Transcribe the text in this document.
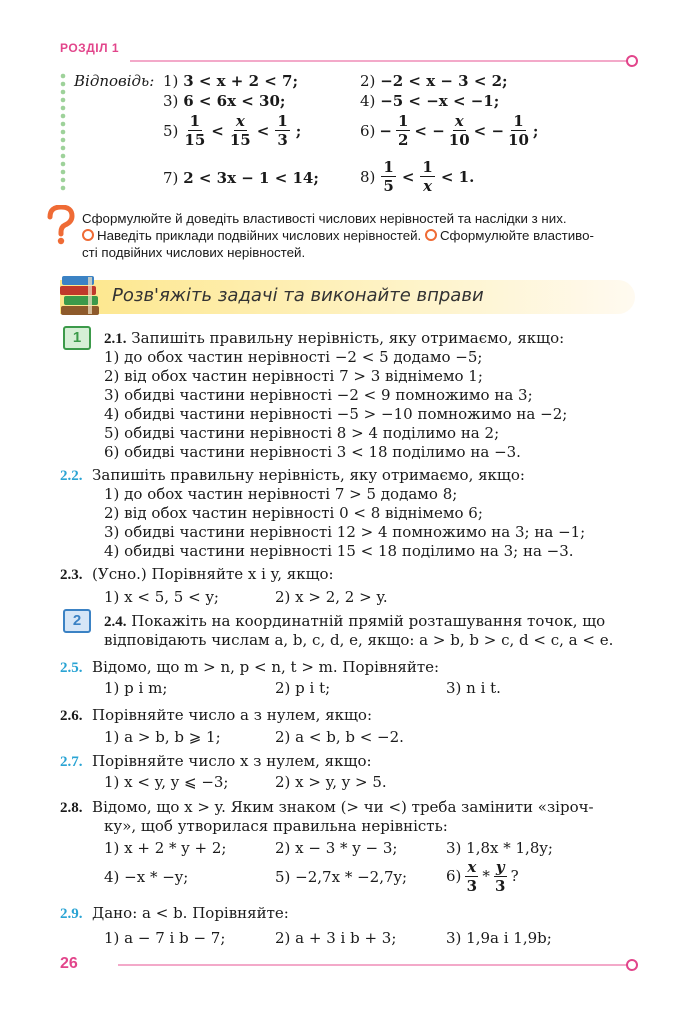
РОЗДІЛ 1
Відповідь: 1) 3 < x + 2 < 7;	2) −2 < x − 3 < 2;
3) 6 < 6x < 30;	4) −5 < −x < −1;
$5) \frac{1}{15} < \frac{x}{15} < \frac{1}{3}$ ;	$6) - \frac{1}{2}$ < − $\frac{x}{10}$ < − $\frac{1}{10}$ ;
7) 2 < 3x − 1 < 14;	$8) \frac{1}{5} < \frac{1}{x} < 1$.
Сформулюйте й доведіть властивості числових нерівностей та наслідки з них.
Наведіть приклади подвійних числових нерівностей. Сформулюйте властиво-
сті подвійних числових нерівностей.
Розв'яжіть задачі та виконайте вправи
1	2.1. Запишіть правильну нерівність, яку отримаємо, якщо:
1) до обох частин нерівності −2 < 5 додамо −5;
2) від обох частин нерівності 7 > 3 віднімемо 1;
3) обидві частини нерівності −2 < 9 помножимо на 3;
4) обидві частини нерівності −5 > −10 помножимо на −2;
5) обидві частини нерівності 8 > 4 поділимо на 2;
6) обидві частини нерівності 3 < 18 поділимо на −3.
2.2. Запишіть правильну нерівність, яку отримаємо, якщо:
1) до обох частин нерівності 7 > 5 додамо 8;
2) від обох частин нерівності 0 < 8 віднімемо 6;
3) обидві частини нерівності 12 > 4 помножимо на 3; на −1;
4) обидві частини нерівності 15 < 18 поділимо на 3; на −3.
2.3. (Усно.) Порівняйте x і y, якщо:
1) x < 5, 5 < y;	2) x > 2, 2 > y.
2	2.4. Покажіть на координатній прямій розташування точок, що
відповідають числам a, b, c, d, e, якщо: a > b, b > c, d < c, a < e.
2.5. Відомо, що m > n, p < n, t > m. Порівняйте:
1) p і m;	2) p і t;	3) n і t.
2.6. Порівняйте число a з нулем, якщо:
1) a > b, b ⩾ 1;	2) a < b, b < −2.
2.7. Порівняйте число x з нулем, якщо:
1) x < y, y ⩽ −3;	2) x > y, y > 5.
2.8. Відомо, що x > y. Яким знаком (> чи <) треба замінити «зіроч-
ку», щоб утворилася правильна нерівність:
1) x + 2 * y + 2;	2) x − 3 * y − 3;	3) 1,8x * 1,8y;
4) −x * −y;	5) −2,7x * −2,7y;	$6) \frac{x}{3} * \frac{y}{3}$ ?
2.9. Дано: a < b. Порівняйте:
1) a − 7 і b − 7;	2) a + 3 і b + 3;	3) 1,9a і 1,9b;
26
